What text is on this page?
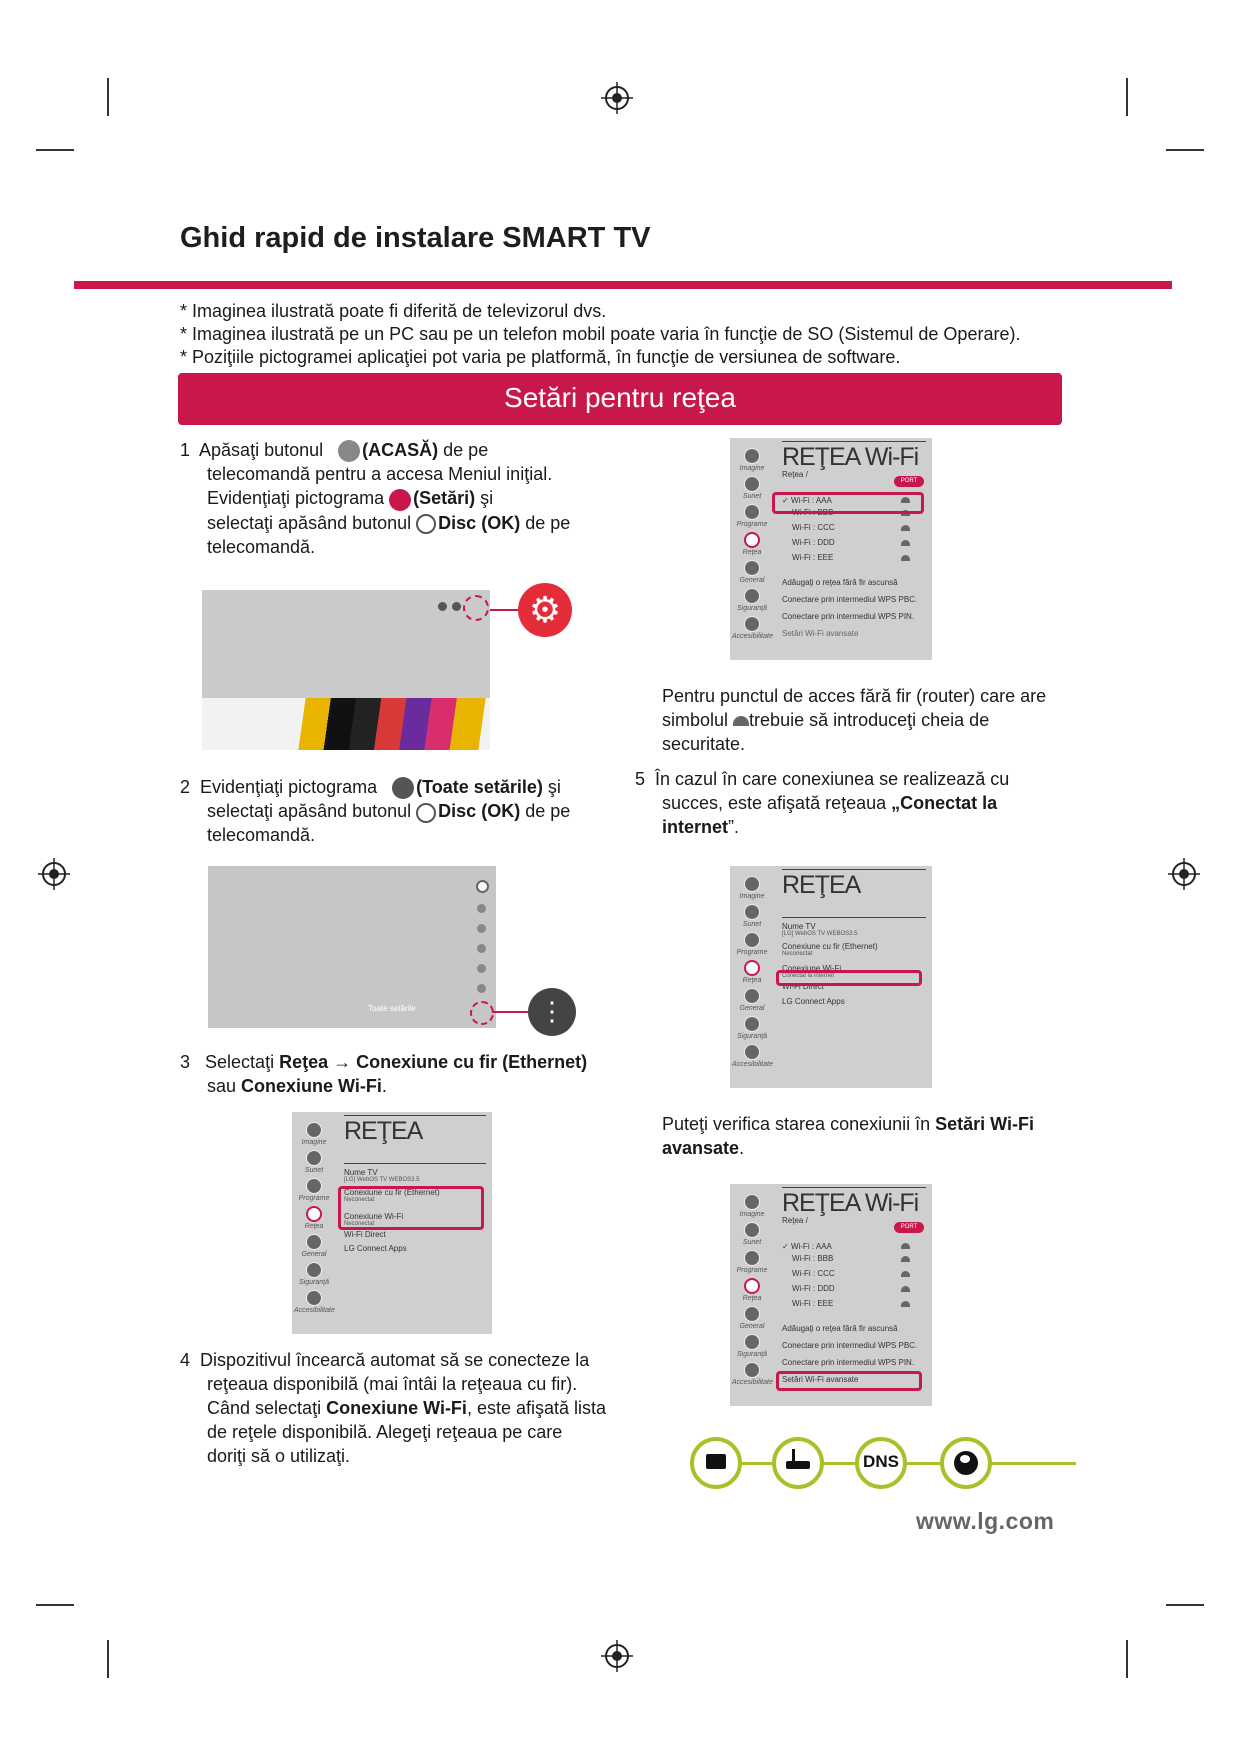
Ghid rapid de instalare SMART TV
* Imaginea ilustrată poate fi diferită de televizorul dvs.
* Imaginea ilustrată pe un PC sau pe un telefon mobil poate varia în funcţie de SO (Sistemul de Operare).
* Poziţiile pictogramei aplicaţiei pot varia pe platformă, în funcţie de versiunea de software.
Setări pentru reţea
1 Apăsaţi butonul (ACASĂ) de pe
telecomandă pentru a accesa Meniul iniţial.
Evidenţiaţi pictograma (Setări) şi
selectaţi apăsând butonul Disc (OK) de pe
telecomandă.
⚙
2 Evidenţiaţi pictograma (Toate setările) şi
selectaţi apăsând butonul Disc (OK) de pe
telecomandă.
Toate setările	⋮
3 Selectaţi Reţea → Conexiune cu fir (Ethernet)
sau Conexiune Wi-Fi.
Imagine
Sunet
Programe
Reţea
General
Siguranţă
Accesibilitate
REŢEA
Nume TV
[LG] WebOS TV WEBOS3.5
Conexiune cu fir (Ethernet)
Neconectat
Conexiune Wi-Fi
Neconectat
Wi-Fi Direct
LG Connect Apps
4 Dispozitivul încearcă automat să se conecteze la
reţeaua disponibilă (mai întâi la reţeaua cu fir).
Când selectaţi Conexiune Wi-Fi, este afişată lista
de reţele disponibilă. Alegeţi reţeaua pe care
doriţi să o utilizaţi.
Imagine
Sunet
Programe
Reţea
General
Siguranţă
Accesibilitate
REŢEA Wi-Fi
Reţea /
PORT
✓ Wi-Fi : AAA
Wi-Fi : BBB
Wi-Fi : CCC
Wi-Fi : DDD
Wi-Fi : EEE
Adăugaţi o reţea fără fir ascunsă
Conectare prin intermediul WPS PBC.
Conectare prin intermediul WPS PIN.
Setări Wi-Fi avansate
Pentru punctul de acces fără fir (router) care are
simbolul trebuie să introduceţi cheia de
securitate.
5 În cazul în care conexiunea se realizează cu
succes, este afişată reţeaua „Conectat la
internet”.
Imagine
Sunet
Programe
Reţea
General
Siguranţă
Accesibilitate
REŢEA
Nume TV
[LG] WebOS TV WEBOS3.5
Conexiune cu fir (Ethernet)
Neconectat
Conexiune Wi-Fi
Conectat la internet
Wi-Fi Direct
LG Connect Apps
Puteţi verifica starea conexiunii în Setări Wi-Fi
avansate.
Imagine
Sunet
Programe
Reţea
General
Siguranţă
Accesibilitate
REŢEA Wi-Fi
Reţea /
PORT
✓ Wi-Fi : AAA
Wi-Fi : BBB
Wi-Fi : CCC
Wi-Fi : DDD
Wi-Fi : EEE
Adăugaţi o reţea fără fir ascunsă
Conectare prin intermediul WPS PBC.
Conectare prin intermediul WPS PIN.
Setări Wi-Fi avansate
DNS
www.lg.com
